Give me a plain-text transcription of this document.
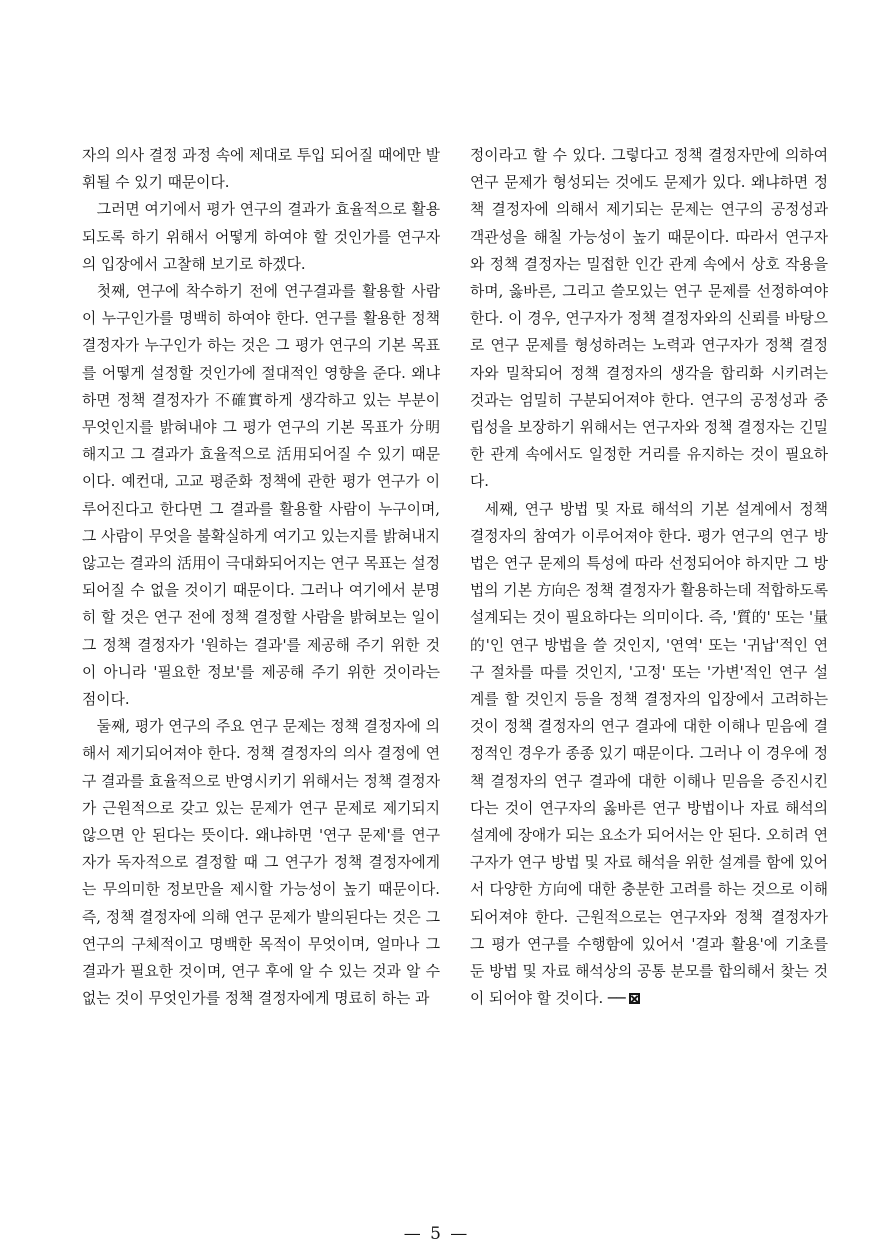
자의 의사 결정 과정 속에 제대로 투입 되어질 때에만 발휘될 수 있기 때문이다.

그러면 여기에서 평가 연구의 결과가 효율적으로 활용되도록 하기 위해서 어떻게 하여야 할 것인가를 연구자의 입장에서 고찰해 보기로 하겠다.

첫째, 연구에 착수하기 전에 연구결과를 활용할 사람이 누구인가를 명백히 하여야 한다. 연구를 활용한 정책 결정자가 누구인가 하는 것은 그 평가 연구의 기본 목표를 어떻게 설정할 것인가에 절대적인 영향을 준다. 왜냐하면 정책 결정자가 不確實하게 생각하고 있는 부분이 무엇인지를 밝혀내야 그 평가 연구의 기본 목표가 分明해지고 그 결과가 효율적으로 活用되어질 수 있기 때문이다. 예컨대, 고교 평준화 정책에 관한 평가 연구가 이루어진다고 한다면 그 결과를 활용할 사람이 누구이며, 그 사람이 무엇을 불확실하게 여기고 있는지를 밝혀내지 않고는 결과의 活用이 극대화되어지는 연구 목표는 설정되어질 수 없을 것이기 때문이다. 그러나 여기에서 분명히 할 것은 연구 전에 정책 결정할 사람을 밝혀보는 일이 그 정책 결정자가 '원하는 결과'를 제공해 주기 위한 것이 아니라 '필요한 정보'를 제공해 주기 위한 것이라는 점이다.

둘째, 평가 연구의 주요 연구 문제는 정책 결정자에 의해서 제기되어져야 한다. 정책 결정자의 의사 결정에 연구 결과를 효율적으로 반영시키기 위해서는 정책 결정자가 근원적으로 갖고 있는 문제가 연구 문제로 제기되지 않으면 안 된다는 뜻이다. 왜냐하면 '연구 문제'를 연구자가 독자적으로 결정할 때 그 연구가 정책 결정자에게는 무의미한 정보만을 제시할 가능성이 높기 때문이다. 즉, 정책 결정자에 의해 연구 문제가 발의된다는 것은 그 연구의 구체적이고 명백한 목적이 무엇이며, 얼마나 그 결과가 필요한 것이며, 연구 후에 알 수 있는 것과 알 수 없는 것이 무엇인가를 정책 결정자에게 명료히 하는 과

정이라고 할 수 있다. 그렇다고 정책 결정자만에 의하여 연구 문제가 형성되는 것에도 문제가 있다. 왜냐하면 정책 결정자에 의해서 제기되는 문제는 연구의 공정성과 객관성을 해칠 가능성이 높기 때문이다. 따라서 연구자와 정책 결정자는 밀접한 인간 관계 속에서 상호 작용을 하며, 옳바른, 그리고 쓸모있는 연구 문제를 선정하여야 한다. 이 경우, 연구자가 정책 결정자와의 신뢰를 바탕으로 연구 문제를 형성하려는 노력과 연구자가 정책 결정자와 밀착되어 정책 결정자의 생각을 합리화 시키려는 것과는 엄밀히 구분되어져야 한다. 연구의 공정성과 중립성을 보장하기 위해서는 연구자와 정책 결정자는 긴밀한 관계 속에서도 일정한 거리를 유지하는 것이 필요하다.

세째, 연구 방법 및 자료 해석의 기본 설계에서 정책 결정자의 참여가 이루어져야 한다. 평가 연구의 연구 방법은 연구 문제의 특성에 따라 선정되어야 하지만 그 방법의 기본 方向은 정책 결정자가 활용하는데 적합하도록 설계되는 것이 필요하다는 의미이다. 즉, '質的' 또는 '量的'인 연구 방법을 쓸 것인지, '연역' 또는 '귀납'적인 연구 절차를 따를 것인지, '고정' 또는 '가변'적인 연구 설계를 할 것인지 등을 정책 결정자의 입장에서 고려하는 것이 정책 결정자의 연구 결과에 대한 이해나 믿음에 결정적인 경우가 종종 있기 때문이다. 그러나 이 경우에 정책 결정자의 연구 결과에 대한 이해나 믿음을 증진시킨다는 것이 연구자의 옳바른 연구 방법이나 자료 해석의 설계에 장애가 되는 요소가 되어서는 안 된다. 오히려 연구자가 연구 방법 및 자료 해석을 위한 설계를 함에 있어서 다양한 方向에 대한 충분한 고려를 하는 것으로 이해되어져야 한다. 근원적으로는 연구자와 정책 결정자가 그 평가 연구를 수행함에 있어서 '결과 활용'에 기초를 둔 방법 및 자료 해석상의 공통 분모를 합의해서 찾는 것이 되어야 할 것이다. ──

— 5 —
